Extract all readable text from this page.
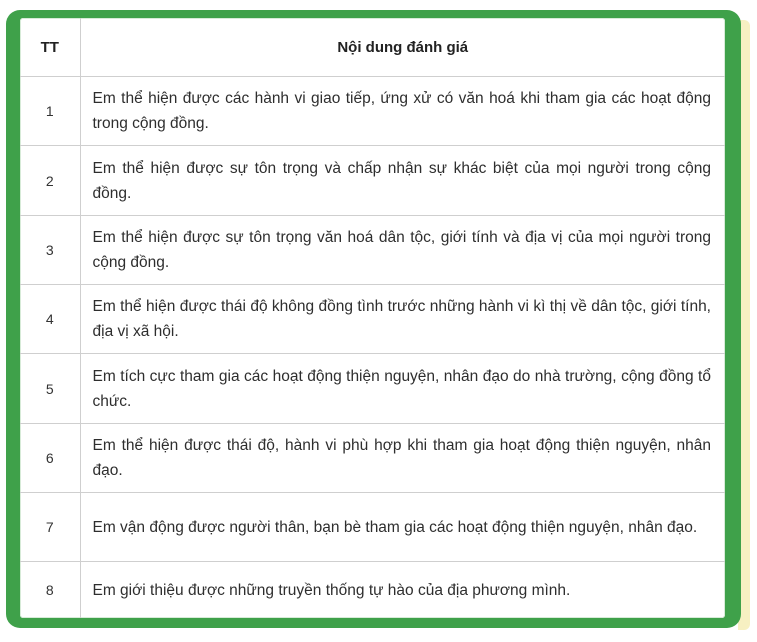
TT	Nội dung đánh giá
1	Em thể hiện được các hành vi giao tiếp, ứng xử có văn hoá khi tham gia các hoạt động trong cộng đồng.
2	Em thể hiện được sự tôn trọng và chấp nhận sự khác biệt của mọi người trong cộng đồng.
3	Em thể hiện được sự tôn trọng văn hoá dân tộc, giới tính và địa vị của mọi người trong cộng đồng.
4	Em thể hiện được thái độ không đồng tình trước những hành vi kì thị về dân tộc, giới tính, địa vị xã hội.
5	Em tích cực tham gia các hoạt động thiện nguyện, nhân đạo do nhà trường, cộng đồng tổ chức.
6	Em thể hiện được thái độ, hành vi phù hợp khi tham gia hoạt động thiện nguyện, nhân đạo.
7	Em vận động được người thân, bạn bè tham gia các hoạt động thiện nguyện, nhân đạo.
8	Em giới thiệu được những truyền thống tự hào của địa phương mình.
